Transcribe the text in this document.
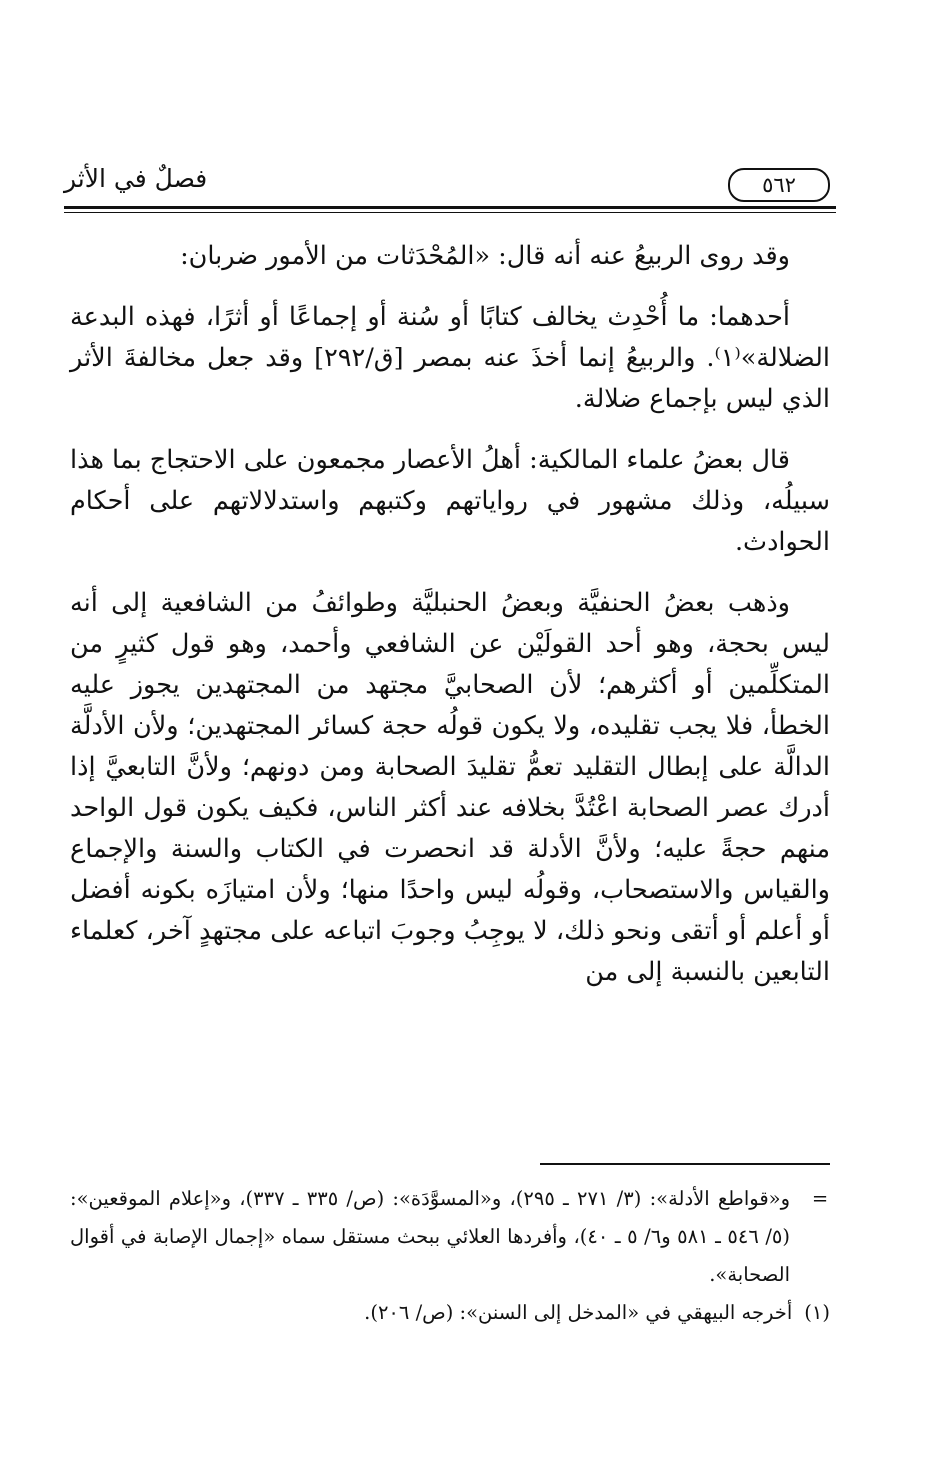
٥٦٢
فصلٌ في الأثر

وقد روى الربيعُ عنه أنه قال: «المُحْدَثات من الأمور ضربان:

أحدهما: ما أُحْدِث يخالف كتابًا أو سُنة أو إجماعًا أو أثرًا، فهذه البدعة الضلالة»⁽١⁾. والربيعُ إنما أخذَ عنه بمصر [ق/٢٩٢] وقد جعل مخالفةَ الأثر الذي ليس بإجماع ضلالة.

قال بعضُ علماء المالكية: أهلُ الأعصار مجمعون على الاحتجاج بما هذا سبيلُه، وذلك مشهور في رواياتهم وكتبهم واستدلالاتهم على أحكام الحوادث.

وذهب بعضُ الحنفيَّة وبعضُ الحنبليَّة وطوائفُ من الشافعية إلى أنه ليس بحجة، وهو أحد القولَيْن عن الشافعي وأحمد، وهو قول كثيرٍ من المتكلِّمين أو أكثرهم؛ لأن الصحابيَّ مجتهد من المجتهدين يجوز عليه الخطأ، فلا يجب تقليده، ولا يكون قولُه حجة كسائر المجتهدين؛ ولأن الأدلَّة الدالَّة على إبطال التقليد تعمُّ تقليدَ الصحابة ومن دونهم؛ ولأنَّ التابعيَّ إذا أدرك عصر الصحابة اعْتُدَّ بخلافه عند أكثر الناس، فكيف يكون قول الواحد منهم حجةً عليه؛ ولأنَّ الأدلة قد انحصرت في الكتاب والسنة والإجماع والقياس والاستصحاب، وقولُه ليس واحدًا منها؛ ولأن امتيازَه بكونه أفضل أو أعلم أو أتقى ونحو ذلك، لا يوجِبُ وجوبَ اتباعه على مجتهدٍ آخر، كعلماء التابعين بالنسبة إلى من

=
و«قواطع الأدلة»: (٣/ ٢٧١ ـ ٢٩٥)، و«المسوَّدَة»: (ص/ ٣٣٥ ـ ٣٣٧)، و«إعلام الموقعين»: (٥/ ٥٤٦ ـ ٥٨١ و٦/ ٥ ـ ٤٠)، وأفردها العلائي ببحث مستقل سماه «إجمال الإصابة في أقوال الصحابة».

(١)أخرجه البيهقي في «المدخل إلى السنن»: (ص/ ٢٠٦).
